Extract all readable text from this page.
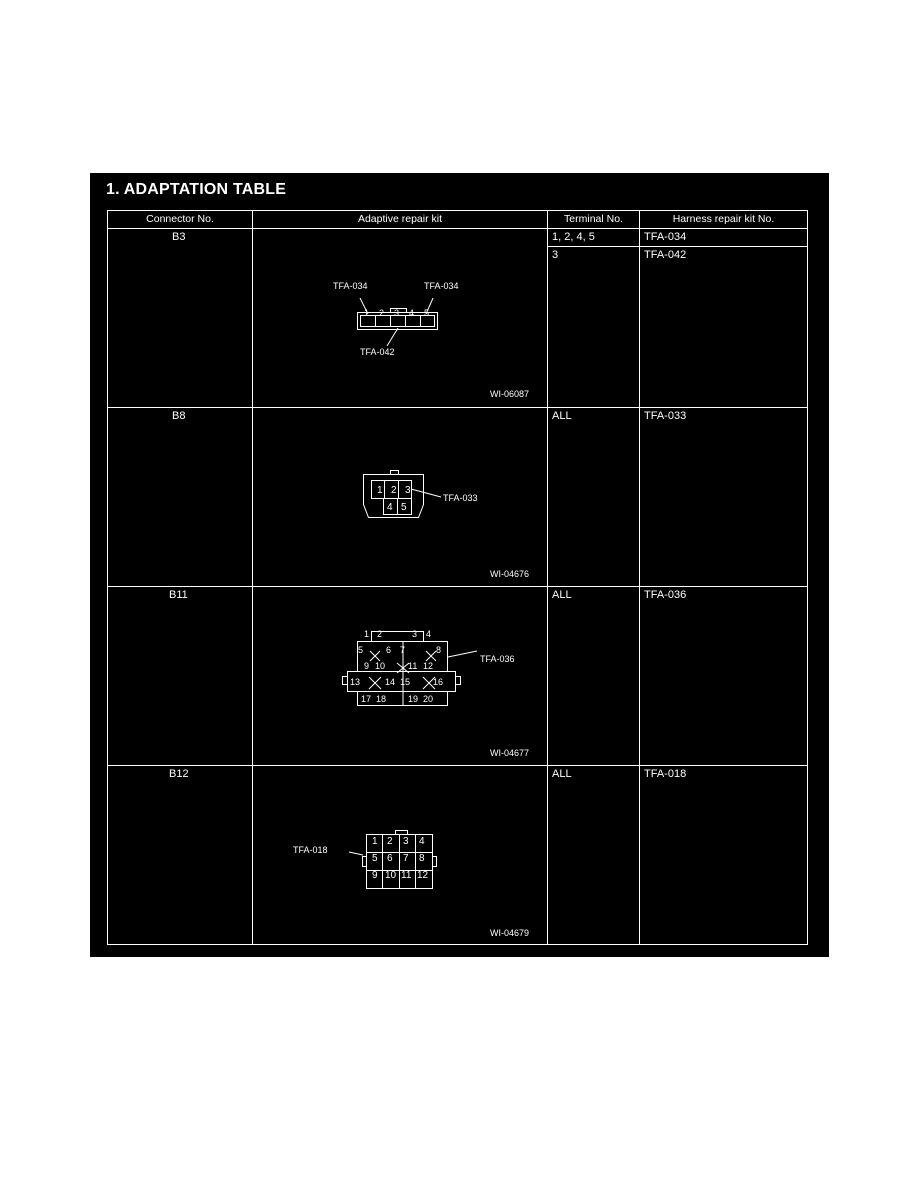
1. ADAPTATION TABLE
Connector No.	Adaptive repair kit	Terminal No.	Harness repair kit No.
B3	1, 2, 4, 5	TFA-034
3	TFA-042
1 2 3 4 5
TFA-034	TFA-034
TFA-042
WI-06087
B8	ALL	TFA-033
1 2 3
4 5
TFA-033
WI-04676
B11	ALL	TFA-036
1 2	3 4
5	6 7	8
9 10	11 12
13	14 15	16
17 18 19 20
TFA-036
WI-04677
B12	ALL	TFA-018
1 2 3 4
5 6 7 8
9 10 11 12
TFA-018
WI-04679
